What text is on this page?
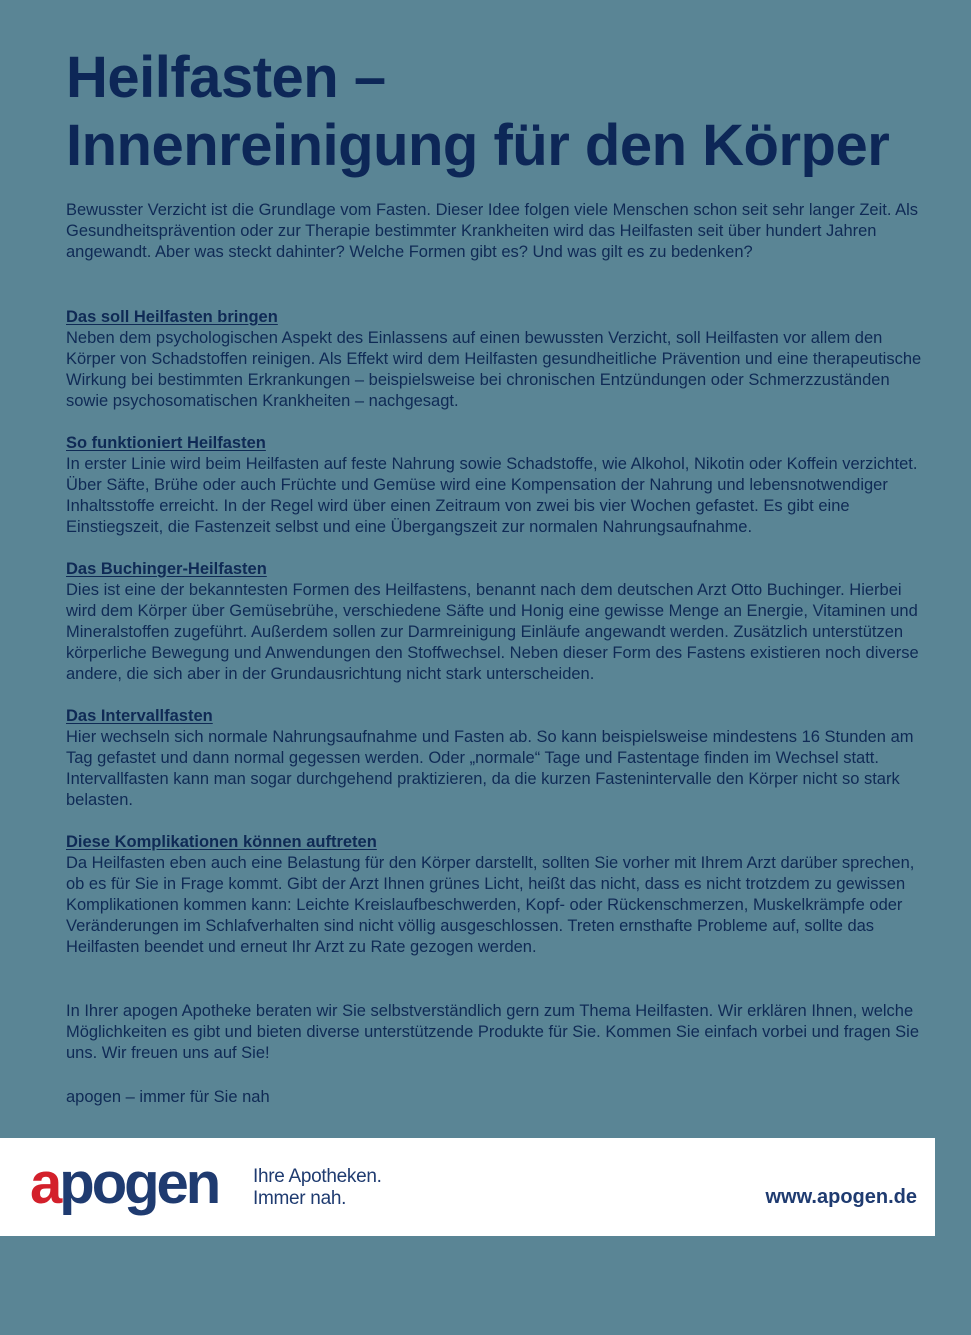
Heilfasten –
Innenreinigung für den Körper

Bewusster Verzicht ist die Grundlage vom Fasten. Dieser Idee folgen viele Menschen schon seit sehr langer Zeit. Als Gesundheitsprävention oder zur Therapie bestimmter Krankheiten wird das Heilfasten seit über hundert Jahren angewandt. Aber was steckt dahinter? Welche Formen gibt es? Und was gilt es zu bedenken?

Das soll Heilfasten bringen

Neben dem psychologischen Aspekt des Einlassens auf einen bewussten Verzicht, soll Heilfasten vor allem den Körper von Schadstoffen reinigen. Als Effekt wird dem Heilfasten gesundheitliche Prävention und eine therapeutische Wirkung bei bestimmten Erkrankungen – beispielsweise bei chronischen Entzündungen oder Schmerzzuständen sowie psychosomatischen Krankheiten – nachgesagt.

So funktioniert Heilfasten

In erster Linie wird beim Heilfasten auf feste Nahrung sowie Schadstoffe, wie Alkohol, Nikotin oder Koffein verzichtet. Über Säfte, Brühe oder auch Früchte und Gemüse wird eine Kompensation der Nahrung und lebensnotwendiger Inhaltsstoffe erreicht. In der Regel wird über einen Zeitraum von zwei bis vier Wochen gefastet. Es gibt eine Einstiegszeit, die Fastenzeit selbst und eine Übergangszeit zur normalen Nahrungsaufnahme.

Das Buchinger-Heilfasten

Dies ist eine der bekanntesten Formen des Heilfastens, benannt nach dem deutschen Arzt Otto Buchinger. Hierbei wird dem Körper über Gemüsebrühe, verschiedene Säfte und Honig eine gewisse Menge an Energie, Vitaminen und Mineralstoffen zugeführt. Außerdem sollen zur Darmreinigung Einläufe angewandt werden. Zusätzlich unterstützen körperliche Bewegung und Anwendungen den Stoffwechsel. Neben dieser Form des Fastens existieren noch diverse andere, die sich aber in der Grundausrichtung nicht stark unterscheiden.

Das Intervallfasten

Hier wechseln sich normale Nahrungsaufnahme und Fasten ab. So kann beispielsweise mindestens 16 Stunden am Tag gefastet und dann normal gegessen werden. Oder „normale“ Tage und Fastentage finden im Wechsel statt. Intervallfasten kann man sogar durchgehend praktizieren, da die kurzen Fastenintervalle den Körper nicht so stark belasten.

Diese Komplikationen können auftreten

Da Heilfasten eben auch eine Belastung für den Körper darstellt, sollten Sie vorher mit Ihrem Arzt darüber sprechen, ob es für Sie in Frage kommt. Gibt der Arzt Ihnen grünes Licht, heißt das nicht, dass es nicht trotzdem zu gewissen Komplikationen kommen kann: Leichte Kreislaufbeschwerden, Kopf- oder Rückenschmerzen, Muskelkrämpfe oder Veränderungen im Schlafverhalten sind nicht völlig ausgeschlossen. Treten ernsthafte Probleme auf, sollte das Heilfasten beendet und erneut Ihr Arzt zu Rate gezogen werden.

In Ihrer apogen Apotheke beraten wir Sie selbstverständlich gern zum Thema Heilfasten. Wir erklären Ihnen, welche Möglichkeiten es gibt und bieten diverse unterstützende Produkte für Sie. Kommen Sie einfach vorbei und fragen Sie uns. Wir freuen uns auf Sie!

apogen – immer für Sie nah

apogen Ihre Apotheken.
Immer nah.	www.apogen.de
